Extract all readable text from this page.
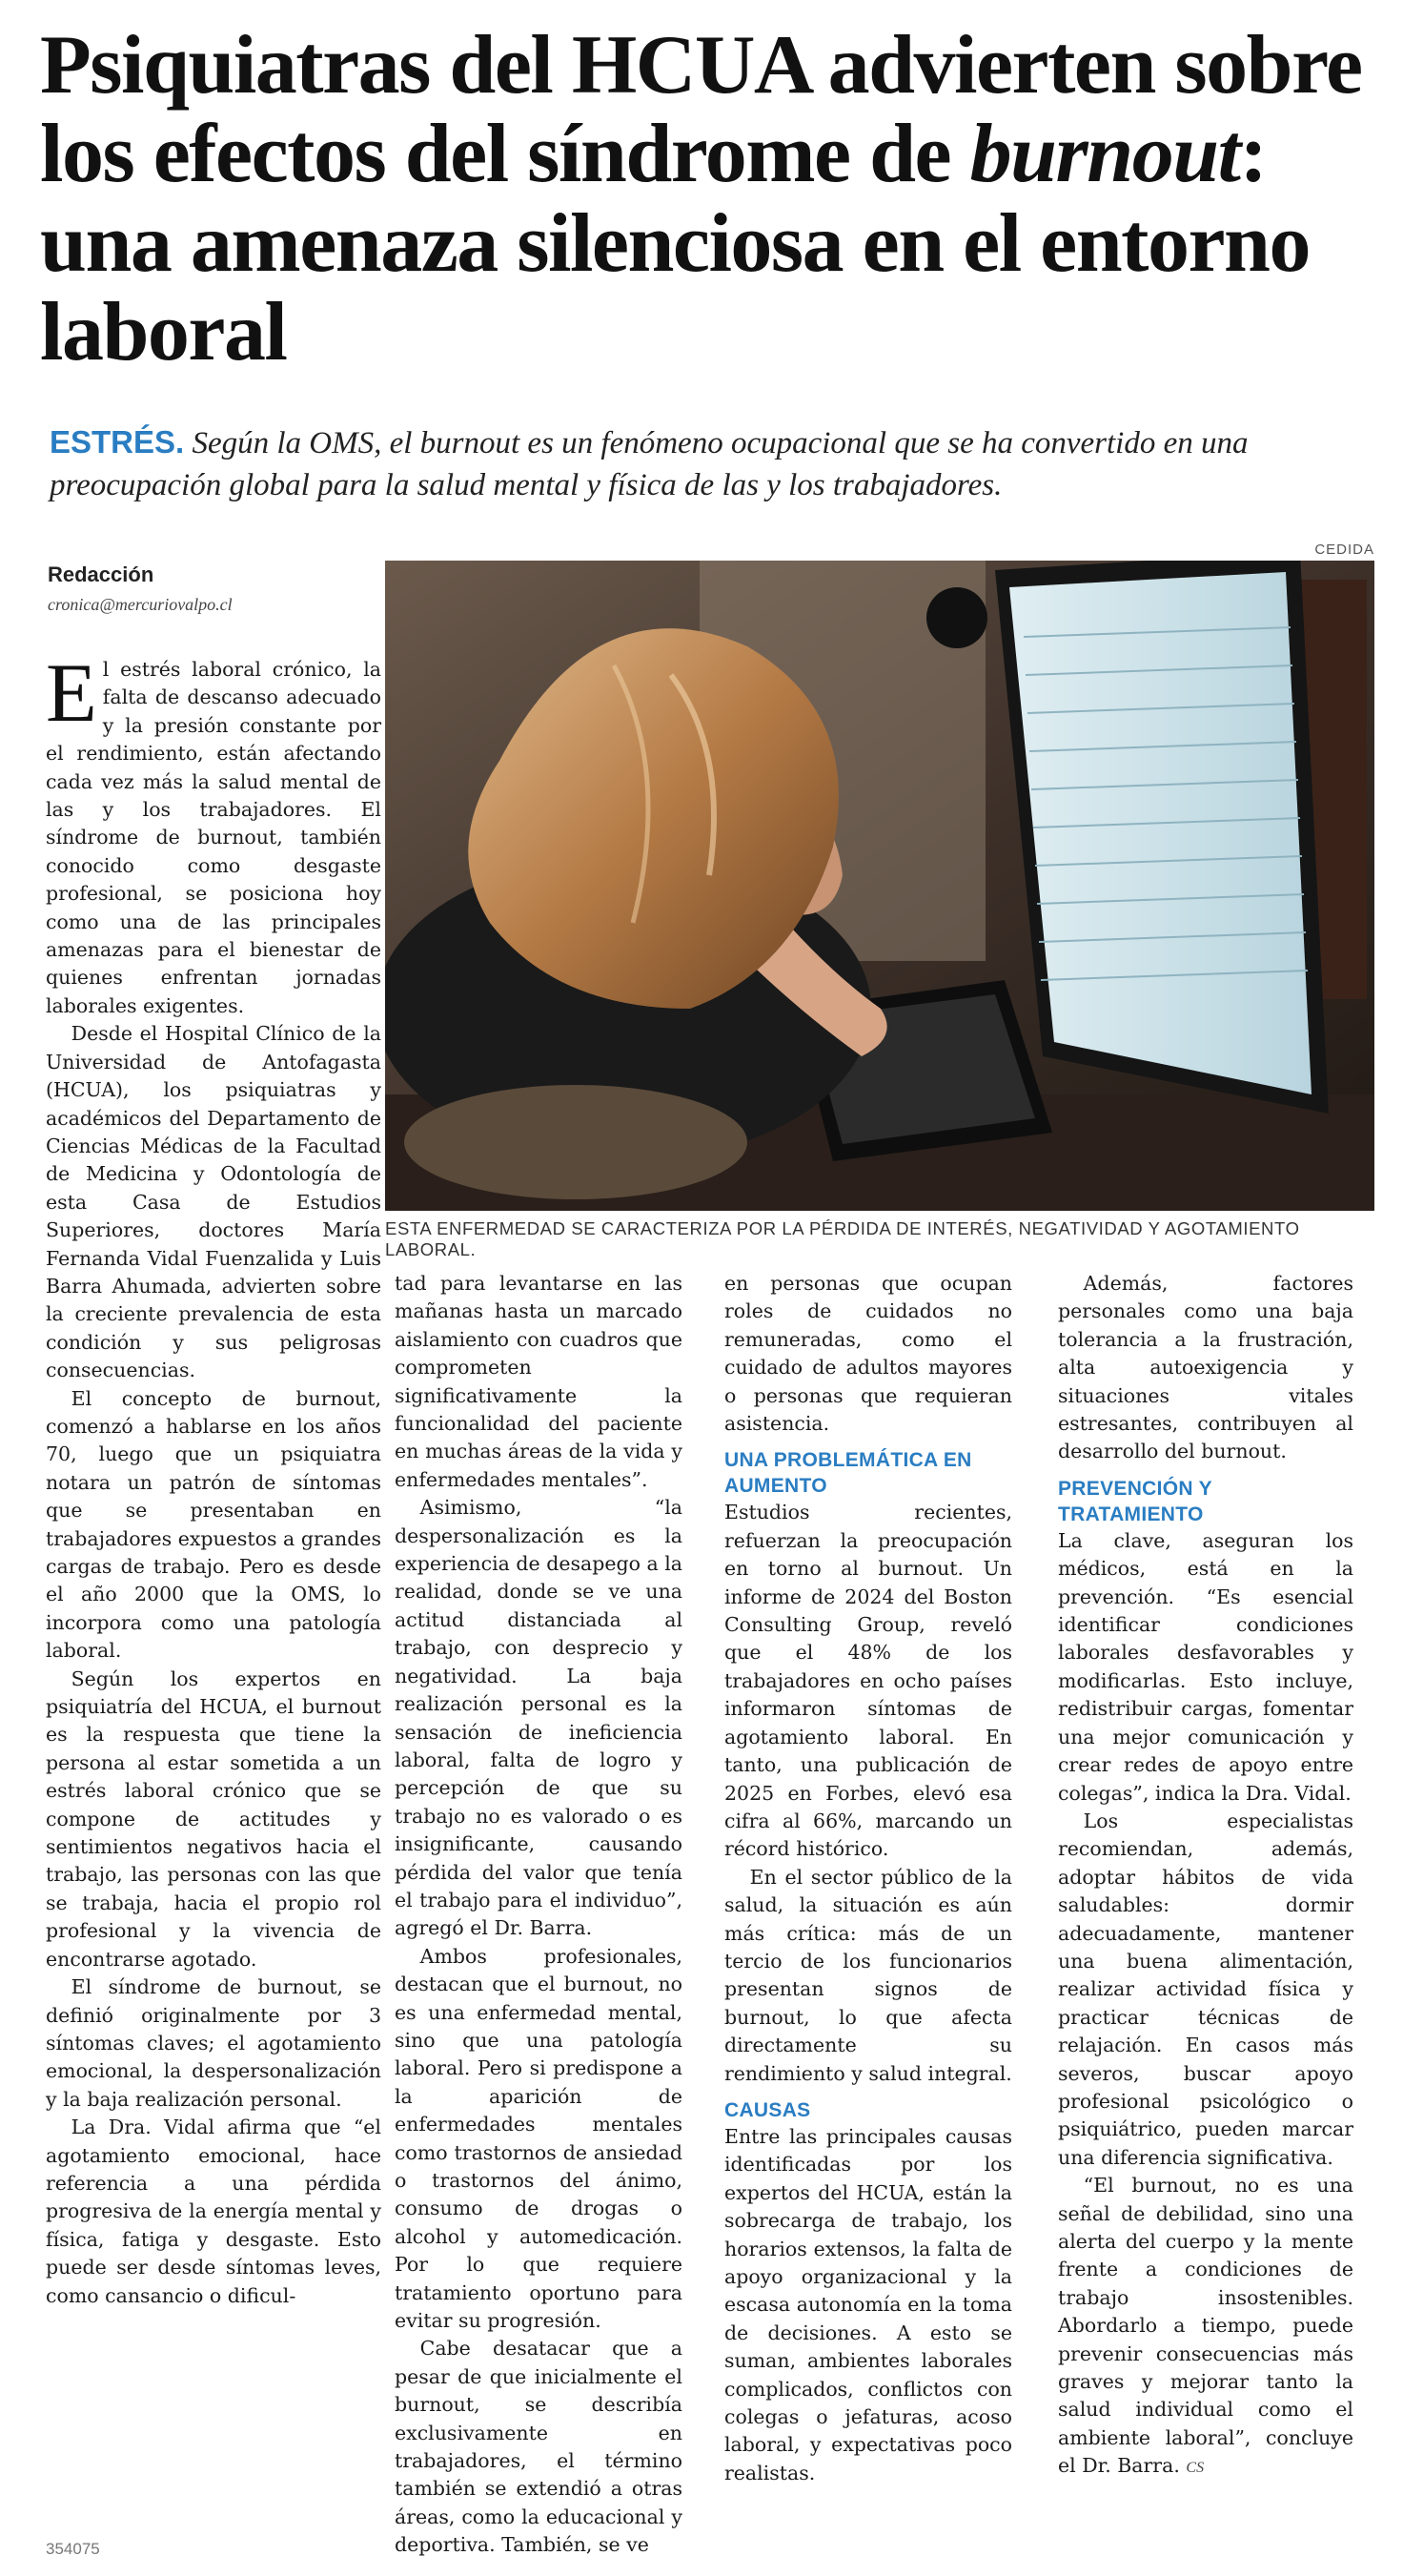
Psiquiatras del HCUA advierten sobre los efectos del síndrome de burnout: una amenaza silenciosa en el entorno laboral

ESTRÉS. Según la OMS, el burnout es un fenómeno ocupacional que se ha convertido en una preocupación global para la salud mental y física de las y los trabajadores.

CEDIDA

ESTA ENFERMEDAD SE CARACTERIZA POR LA PÉRDIDA DE INTERÉS, NEGATIVIDAD Y AGOTAMIENTO LABORAL.

Redacción

cronica@mercuriovalpo.cl

El estrés laboral crónico, la falta de descanso adecuado y la presión constante por el rendimiento, están afectando cada vez más la salud mental de las y los trabajadores. El síndrome de burnout, también conocido como desgaste profesional, se posiciona hoy como una de las principales amenazas para el bienestar de quienes enfrentan jornadas laborales exigentes.

Desde el Hospital Clínico de la Universidad de Antofagasta (HCUA), los psiquiatras y académicos del Departamento de Ciencias Médicas de la Facultad de Medicina y Odontología de esta Casa de Estudios Superiores, doctores María Fernanda Vidal Fuenzalida y Luis Barra Ahumada, advierten sobre la creciente prevalencia de esta condición y sus peligrosas consecuencias.

El concepto de burnout, comenzó a hablarse en los años 70, luego que un psiquiatra notara un patrón de síntomas que se presentaban en trabajadores expuestos a grandes cargas de trabajo. Pero es desde el año 2000 que la OMS, lo incorpora como una patología laboral.

Según los expertos en psiquiatría del HCUA, el burnout es la respuesta que tiene la persona al estar sometida a un estrés laboral crónico que se compone de actitudes y sentimientos negativos hacia el trabajo, las personas con las que se trabaja, hacia el propio rol profesional y la vivencia de encontrarse agotado.

El síndrome de burnout, se definió originalmente por 3 síntomas claves; el agotamiento emocional, la despersonalización y la baja realización personal.

La Dra. Vidal afirma que “el agotamiento emocional, hace referencia a una pérdida progresiva de la energía mental y física, fatiga y desgaste. Esto puede ser desde síntomas leves, como cansancio o dificul-

tad para levantarse en las mañanas hasta un marcado aislamiento con cuadros que comprometen significativamente la funcionalidad del paciente en muchas áreas de la vida y enfermedades mentales”.

Asimismo, “la despersonalización es la experiencia de desapego a la realidad, donde se ve una actitud distanciada al trabajo, con desprecio y negatividad. La baja realización personal es la sensación de ineficiencia laboral, falta de logro y percepción de que su trabajo no es valorado o es insignificante, causando pérdida del valor que tenía el trabajo para el individuo”, agregó el Dr. Barra.

Ambos profesionales, destacan que el burnout, no es una enfermedad mental, sino que una patología laboral. Pero si predispone a la aparición de enfermedades mentales como trastornos de ansiedad o trastornos del ánimo, consumo de drogas o alcohol y automedicación. Por lo que requiere tratamiento oportuno para evitar su progresión.

Cabe desatacar que a pesar de que inicialmente el burnout, se describía exclusivamente en trabajadores, el término también se extendió a otras áreas, como la educacional y deportiva. También, se ve

en personas que ocupan roles de cuidados no remuneradas, como el cuidado de adultos mayores o personas que requieran asistencia.

UNA PROBLEMÁTICA EN AUMENTO

Estudios recientes, refuerzan la preocupación en torno al burnout. Un informe de 2024 del Boston Consulting Group, reveló que el 48% de los trabajadores en ocho países informaron síntomas de agotamiento laboral. En tanto, una publicación de 2025 en Forbes, elevó esa cifra al 66%, marcando un récord histórico.

En el sector público de la salud, la situación es aún más crítica: más de un tercio de los funcionarios presentan signos de burnout, lo que afecta directamente su rendimiento y salud integral.

CAUSAS

Entre las principales causas identificadas por los expertos del HCUA, están la sobrecarga de trabajo, los horarios extensos, la falta de apoyo organizacional y la escasa autonomía en la toma de decisiones. A esto se suman, ambientes laborales complicados, conflictos con colegas o jefaturas, acoso laboral, y expectativas poco realistas.

Además, factores personales como una baja tolerancia a la frustración, alta autoexigencia y situaciones vitales estresantes, contribuyen al desarrollo del burnout.

PREVENCIÓN Y TRATAMIENTO

La clave, aseguran los médicos, está en la prevención. “Es esencial identificar condiciones laborales desfavorables y modificarlas. Esto incluye, redistribuir cargas, fomentar una mejor comunicación y crear redes de apoyo entre colegas”, indica la Dra. Vidal.

Los especialistas recomiendan, además, adoptar hábitos de vida saludables: dormir adecuadamente, mantener una buena alimentación, realizar actividad física y practicar técnicas de relajación. En casos más severos, buscar apoyo profesional psicológico o psiquiátrico, pueden marcar una diferencia significativa.

“El burnout, no es una señal de debilidad, sino una alerta del cuerpo y la mente frente a condiciones de trabajo insostenibles. Abordarlo a tiempo, puede prevenir consecuencias más graves y mejorar tanto la salud individual como el ambiente laboral”, concluye el Dr. Barra. CS

354075
